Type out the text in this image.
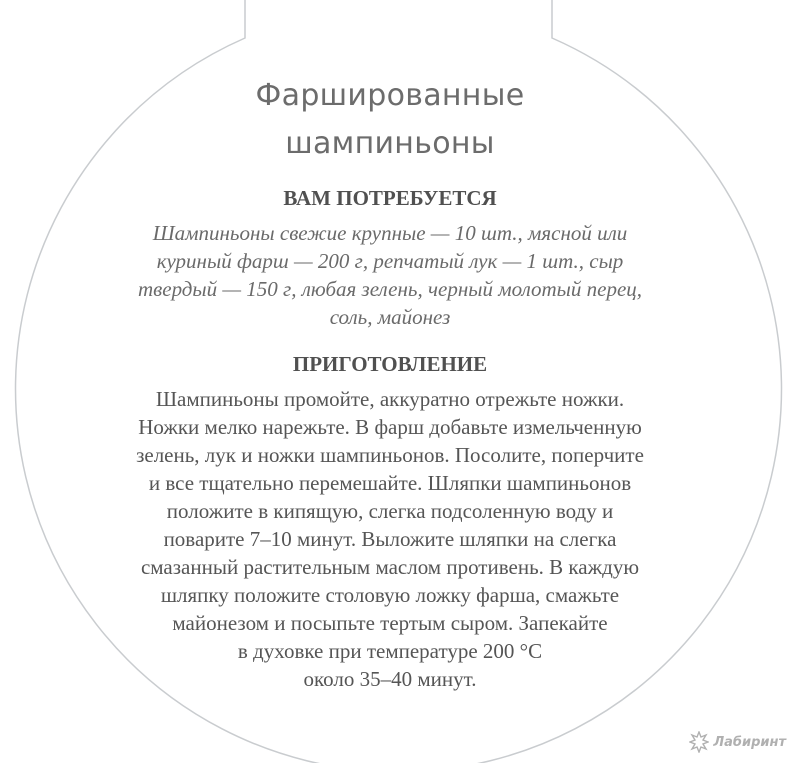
Фаршированные
шампиньоны
ВАМ ПОТРЕБУЕТСЯ

Шампиньоны свежие крупные — 10 шт., мясной или
куриный фарш — 200 г, репчатый лук — 1 шт., сыр
твердый — 150 г, любая зелень, черный молотый перец,
соль, майонез

ПРИГОТОВЛЕНИЕ

Шампиньоны промойте, аккуратно отрежьте ножки.
Ножки мелко нарежьте. В фарш добавьте измельченную
зелень, лук и ножки шампиньонов. Посолите, поперчите
и все тщательно перемешайте. Шляпки шампиньонов
положите в кипящую, слегка подсоленную воду и
поварите 7–10 минут. Выложите шляпки на слегка
смазанный растительным маслом противень. В каждую
шляпку положите столовую ложку фарша, смажьте
майонезом и посыпьте тертым сыром. Запекайте
в духовке при температуре 200 °С
около 35–40 минут.

Лабиринт
